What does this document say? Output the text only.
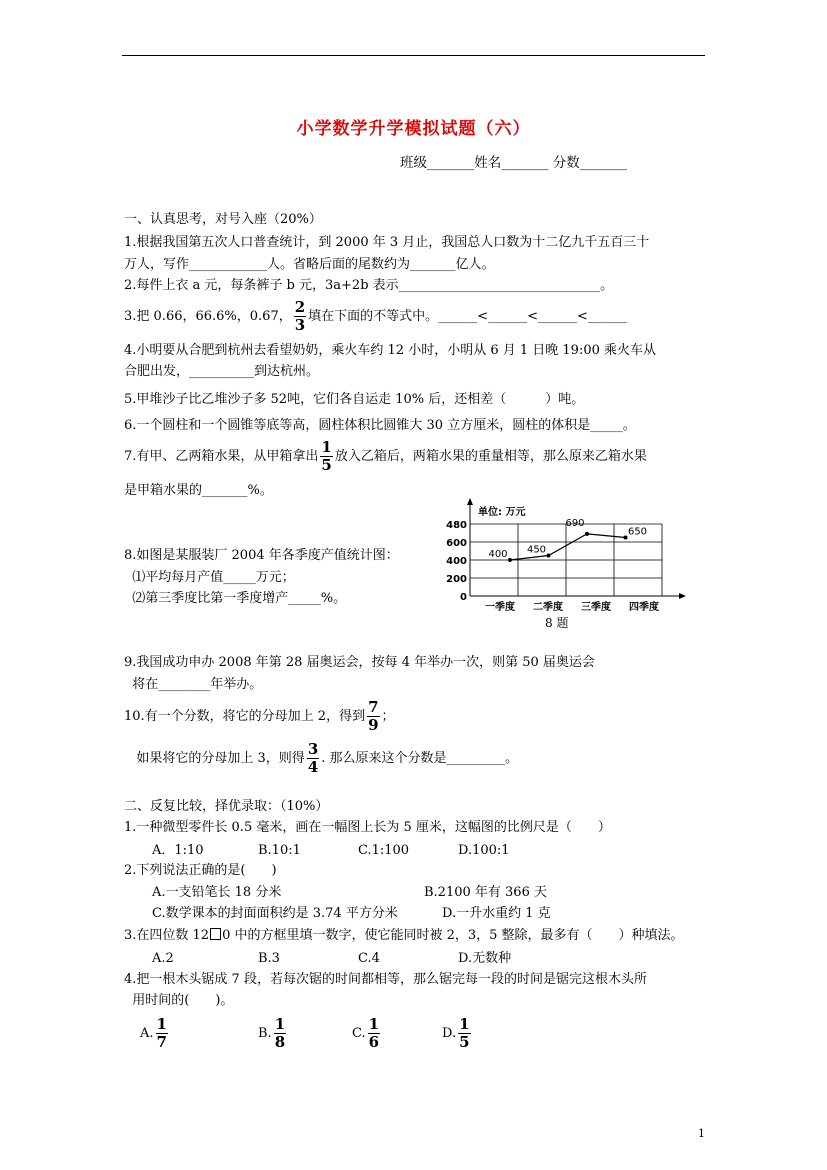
小学数学升学模拟试题（六）
班级_______姓名_______ 分数_______
一、认真思考，对号入座（20%）
1.根据我国第五次人口普查统计，到 2000 年 3 月止，我国总人口数为十二亿九千五百三十
万人，写作____________人。省略后面的尾数约为_______亿人。
2.每件上衣 a 元，每条裤子 b 元，3a+2b 表示_______________________________。
3.把 0.66，66.6%，0.67， $\frac{2}{3}$ 填在下面的不等式中。______<______<______<______
4.小明要从合肥到杭州去看望奶奶，乘火车约 12 小时，小明从 6 月 1 日晚 19:00 乘火车从
合肥出发，__________到达杭州。
5.甲堆沙子比乙堆沙子多 52吨，它们各自运走 10% 后，还相差（　　　）吨。
6.一个圆柱和一个圆锥等底等高，圆柱体积比圆锥大 30 立方厘米，圆柱的体积是_____。
7.有甲、乙两箱水果，从甲箱拿出 $\frac{1}{5}$ 放入乙箱后，两箱水果的重量相等，那么原来乙箱水果
是甲箱水果的_______%。
8.如图是某服装厂 2004 年各季度产值统计图：
⑴平均每月产值_____万元；
⑵第三季度比第一季度增产_____%。
单位: 万元
480
600
400
200
0
一季度 二季度 三季度 四季度
400 450
690
650
8 题
9.我国成功申办 2008 年第 28 届奥运会，按每 4 年举办一次，则第 50 届奥运会
将在________年举办。
10.有一个分数，将它的分母加上 2，得到 $\frac{7}{9}$ ；
如果将它的分母加上 3，则得 $\frac{3}{4}$ . 那么原来这个分数是_________。
二、反复比较，择优录取：（10%）
1.一种微型零件长 0.5 毫米，画在一幅图上长为 5 厘米，这幅图的比例尺是（　　）
A．1:10	B.10:1	C.1:100	D.100:1
2.下列说法正确的是(　　)
A.一支铅笔长 18 分米	B.2100 年有 366 天
C.数学课本的封面面积约是 3.74 平方分米	D.一升水重约 1 克
3.在四位数 12 0 中的方框里填一数字，使它能同时被 2，3，5 整除，最多有（　　）种填法。
A.2	B.3	C.4	D.无数种
4.把一根木头锯成 7 段，若每次锯的时间都相等，那么锯完每一段的时间是锯完这根木头所
用时间的(　　)。
A. $\frac{1}{7}$	B. $\frac{1}{8}$	C. $\frac{1}{6}$	D. $\frac{1}{5}$
1
